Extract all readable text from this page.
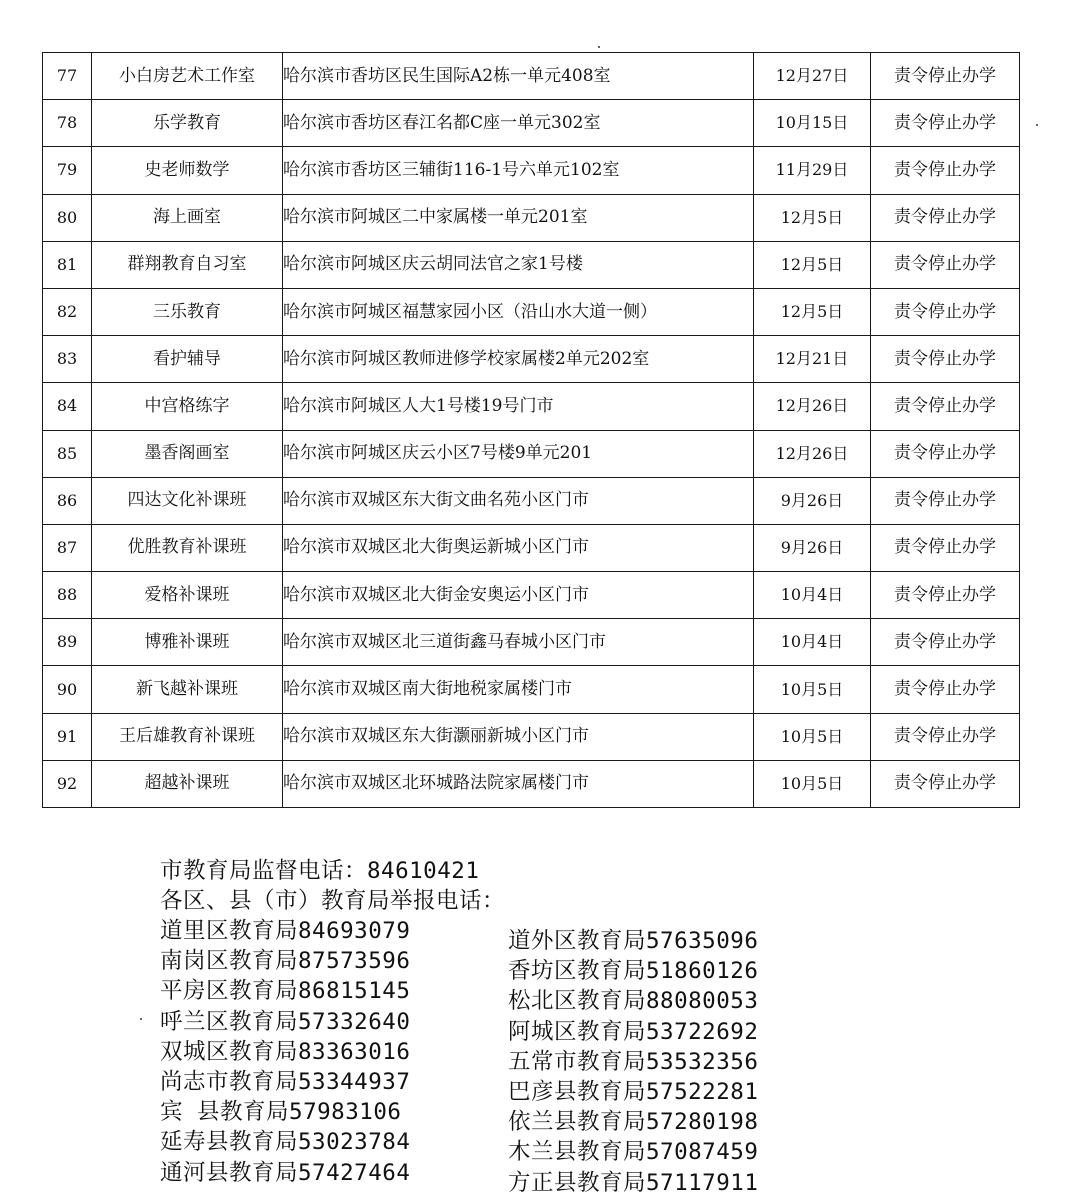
77	小白房艺术工作室	哈尔滨市香坊区民生国际A2栋一单元408室	12月27日	责令停止办学
78	乐学教育	哈尔滨市香坊区春江名都C座一单元302室	10月15日	责令停止办学
79	史老师数学	哈尔滨市香坊区三辅街116-1号六单元102室	11月29日	责令停止办学
80	海上画室	哈尔滨市阿城区二中家属楼一单元201室	12月5日	责令停止办学
81	群翔教育自习室	哈尔滨市阿城区庆云胡同法官之家1号楼	12月5日	责令停止办学
82	三乐教育	哈尔滨市阿城区福慧家园小区（沿山水大道一侧）	12月5日	责令停止办学
83	看护辅导	哈尔滨市阿城区教师进修学校家属楼2单元202室	12月21日	责令停止办学
84	中宫格练字	哈尔滨市阿城区人大1号楼19号门市	12月26日	责令停止办学
85	墨香阁画室	哈尔滨市阿城区庆云小区7号楼9单元201	12月26日	责令停止办学
86	四达文化补课班	哈尔滨市双城区东大街文曲名苑小区门市	9月26日	责令停止办学
87	优胜教育补课班	哈尔滨市双城区北大街奥运新城小区门市	9月26日	责令停止办学
88	爱格补课班	哈尔滨市双城区北大街金安奥运小区门市	10月4日	责令停止办学
89	博雅补课班	哈尔滨市双城区北三道街鑫马春城小区门市	10月4日	责令停止办学
90	新飞越补课班	哈尔滨市双城区南大街地税家属楼门市	10月5日	责令停止办学
91	王后雄教育补课班	哈尔滨市双城区东大街灏丽新城小区门市	10月5日	责令停止办学
92	超越补课班	哈尔滨市双城区北环城路法院家属楼门市	10月5日	责令停止办学
市教育局监督电话：84610421
各区、县（市）教育局举报电话：
道里区教育局84693079	道外区教育局57635096
南岗区教育局87573596	香坊区教育局51860126
平房区教育局86815145	松北区教育局88080053
呼兰区教育局57332640	阿城区教育局53722692
双城区教育局83363016	五常市教育局53532356
尚志市教育局53344937	巴彦县教育局57522281
宾 县教育局57983106	依兰县教育局57280198
延寿县教育局53023784	木兰县教育局57087459
通河县教育局57427464	方正县教育局57117911
